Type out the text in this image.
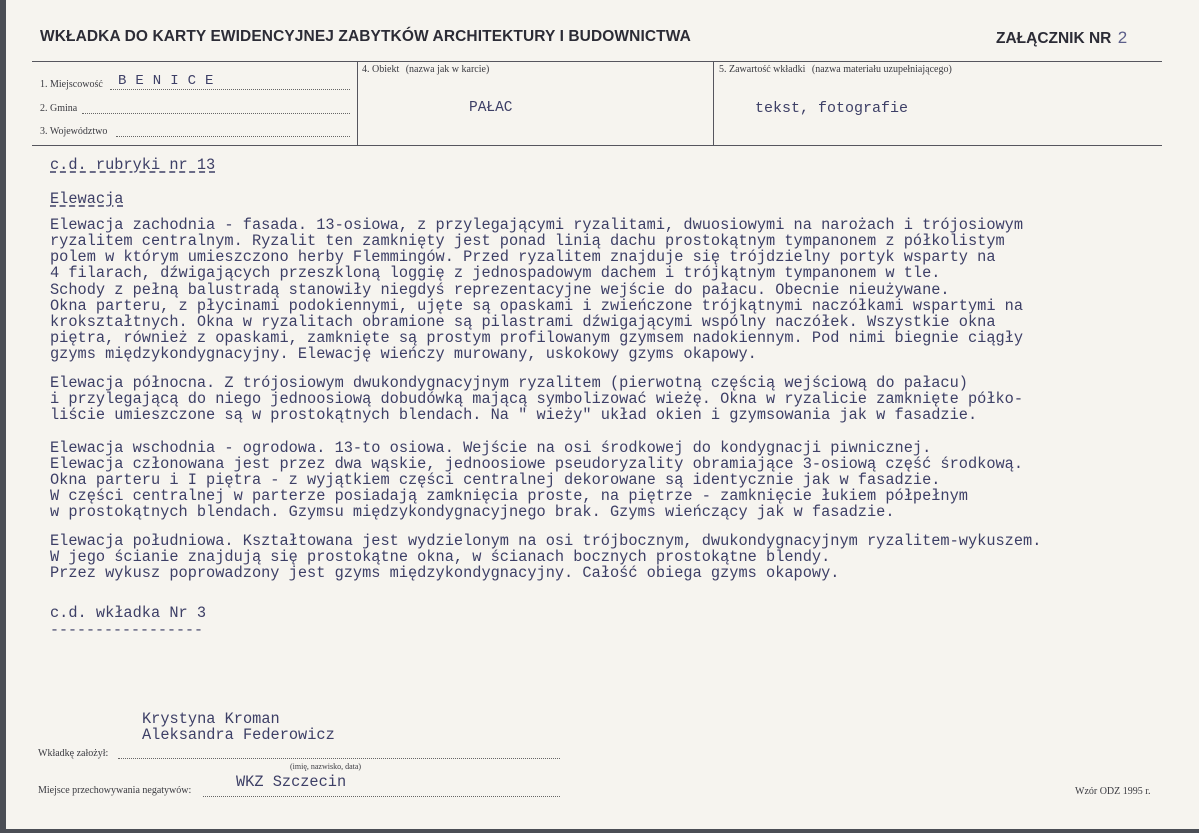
WKŁADKA DO KARTY EWIDENCYJNEJ ZABYTKÓW ARCHITEKTURY I BUDOWNICTWA	ZAŁĄCZNIK NR 2
1. Miejscowość BENICE
2. Gmina
3. Województwo
4. Obiekt (nazwa jak w karcie)
PAŁAC
5. Zawartość wkładki (nazwa materiału uzupełniającego)
tekst, fotografie
c.d. rubryki nr 13
Elewacja
Elewacja zachodnia - fasada. 13-osiowa, z przylegającymi ryzalitami, dwuosiowymi na narożach i trójosiowym
ryzalitem centralnym. Ryzalit ten zamknięty jest ponad linią dachu prostokątnym tympanonem z półkolistym
polem w którym umieszczono herby Flemmingów. Przed ryzalitem znajduje się trójdzielny portyk wsparty na
4 filarach, dźwigających przeszkloną loggię z jednospadowym dachem i trójkątnym tympanonem w tle.
Schody z pełną balustradą stanowiły niegdyś reprezentacyjne wejście do pałacu. Obecnie nieużywane.
Okna parteru, z płycinami podokiennymi, ujęte są opaskami i zwieńczone trójkątnymi naczółkami wspartymi na
krokształtnych. Okna w ryzalitach obramione są pilastrami dźwigającymi wspólny naczółek. Wszystkie okna
piętra, również z opaskami, zamknięte są prostym profilowanym gzymsem nadokiennym. Pod nimi biegnie ciągły
gzyms międzykondygnacyjny. Elewację wieńczy murowany, uskokowy gzyms okapowy.
Elewacja północna. Z trójosiowym dwukondygnacyjnym ryzalitem (pierwotną częścią wejściową do pałacu)
i przylegającą do niego jednoosiową dobudówką mającą symbolizować wieżę. Okna w ryzalicie zamknięte półko-
liście umieszczone są w prostokątnych blendach. Na " wieży" układ okien i gzymsowania jak w fasadzie.
Elewacja wschodnia - ogrodowa. 13-to osiowa. Wejście na osi środkowej do kondygnacji piwnicznej.
Elewacja członowana jest przez dwa wąskie, jednoosiowe pseudoryzality obramiające 3-osiową część środkową.
Okna parteru i I piętra - z wyjątkiem części centralnej dekorowane są identycznie jak w fasadzie.
W części centralnej w parterze posiadają zamknięcia proste, na piętrze - zamknięcie łukiem półpełnym
w prostokątnych blendach. Gzymsu międzykondygnacyjnego brak. Gzyms wieńczący jak w fasadzie.
Elewacja południowa. Kształtowana jest wydzielonym na osi trójbocznym, dwukondygnacyjnym ryzalitem-wykuszem.
W jego ścianie znajdują się prostokątne okna, w ścianach bocznych prostokątne blendy.
Przez wykusz poprowadzony jest gzyms międzykondygnacyjny. Całość obiega gzyms okapowy.
c.d. wkładka Nr 3
-----------------
Krystyna Kroman
Aleksandra Federowicz
Wkładkę założył:
(imię, nazwisko, data)
Miejsce przechowywania negatywów:	WKZ Szczecin
Wzór ODZ 1995 r.
